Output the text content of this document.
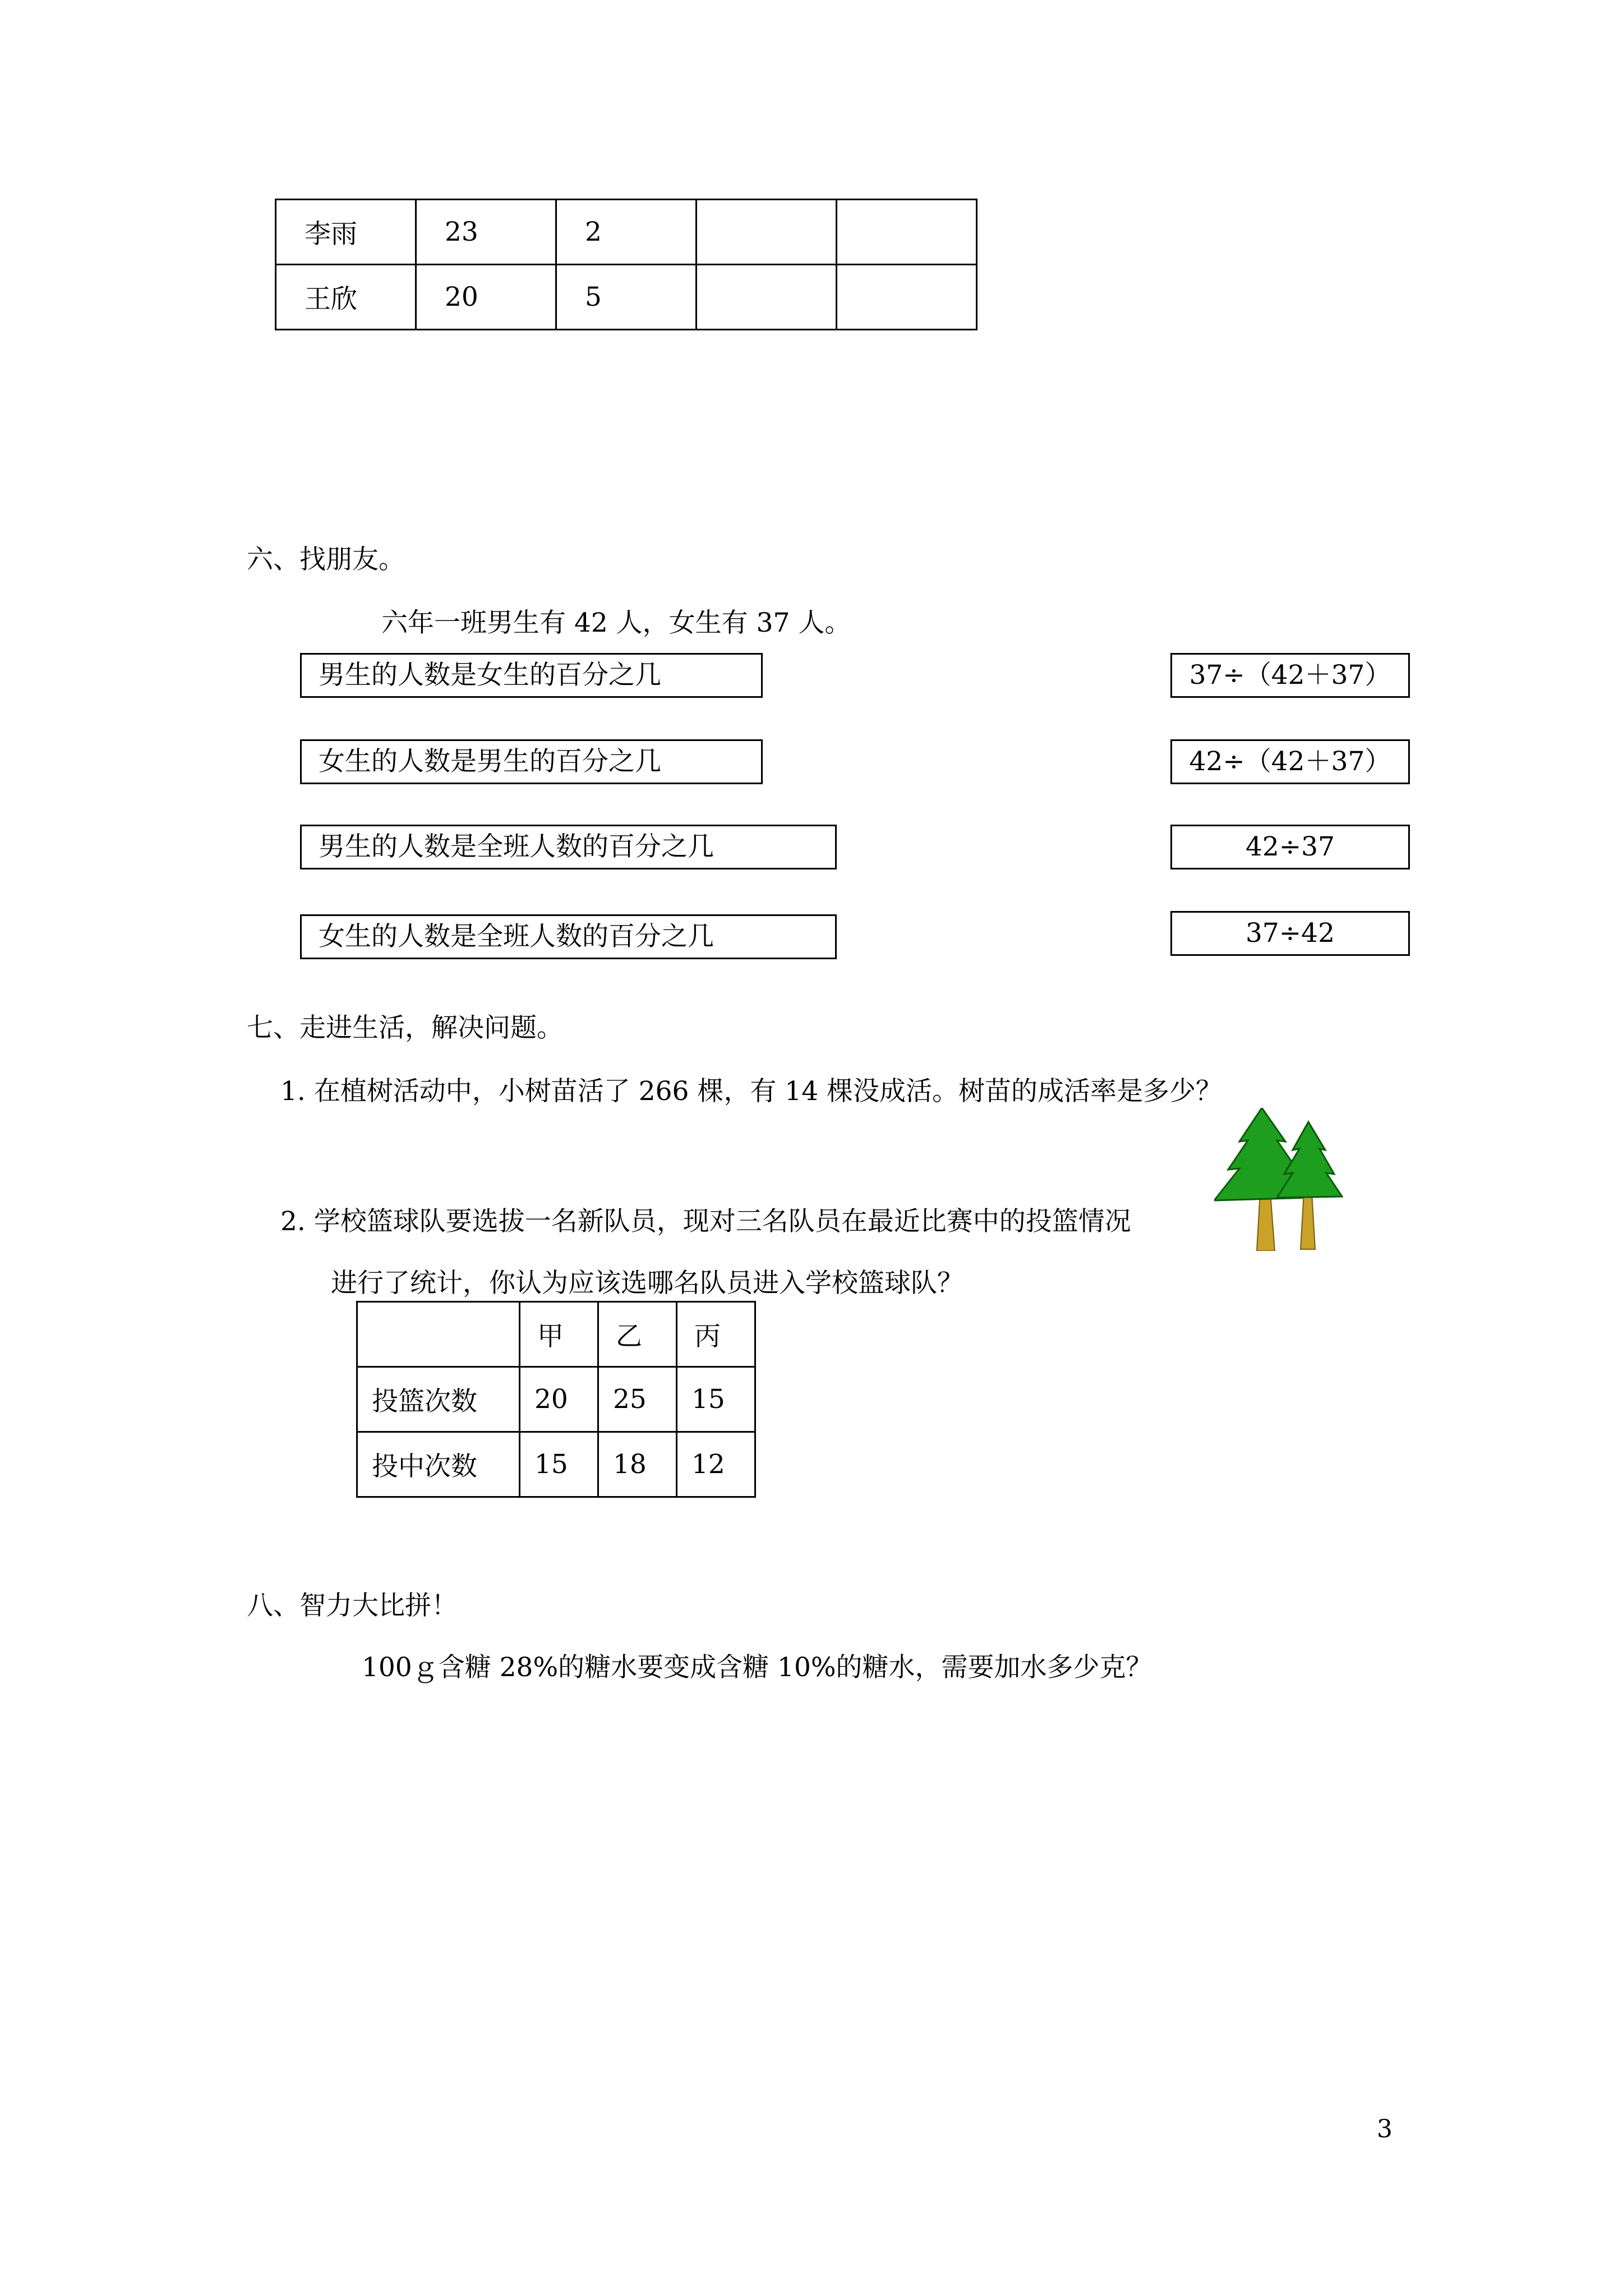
李雨	23	2		
王欣	20	5		
六、找朋友。
六年一班男生有 42 人，女生有 37 人。
男生的人数是女生的百分之几
女生的人数是男生的百分之几
男生的人数是全班人数的百分之几
女生的人数是全班人数的百分之几
37÷（42＋37）
42÷（42＋37）
42÷37
37÷42
七、走进生活，解决问题。
1. 在植树活动中，小树苗活了 266 棵，有 14 棵没成活。树苗的成活率是多少？
2. 学校篮球队要选拔一名新队员，现对三名队员在最近比赛中的投篮情况
进行了统计，你认为应该选哪名队员进入学校篮球队？
	甲	乙	丙
投篮次数	20	25	15
投中次数	15	18	12
八、智力大比拼！
100ｇ含糖 28%的糖水要变成含糖 10%的糖水，需要加水多少克？
3
